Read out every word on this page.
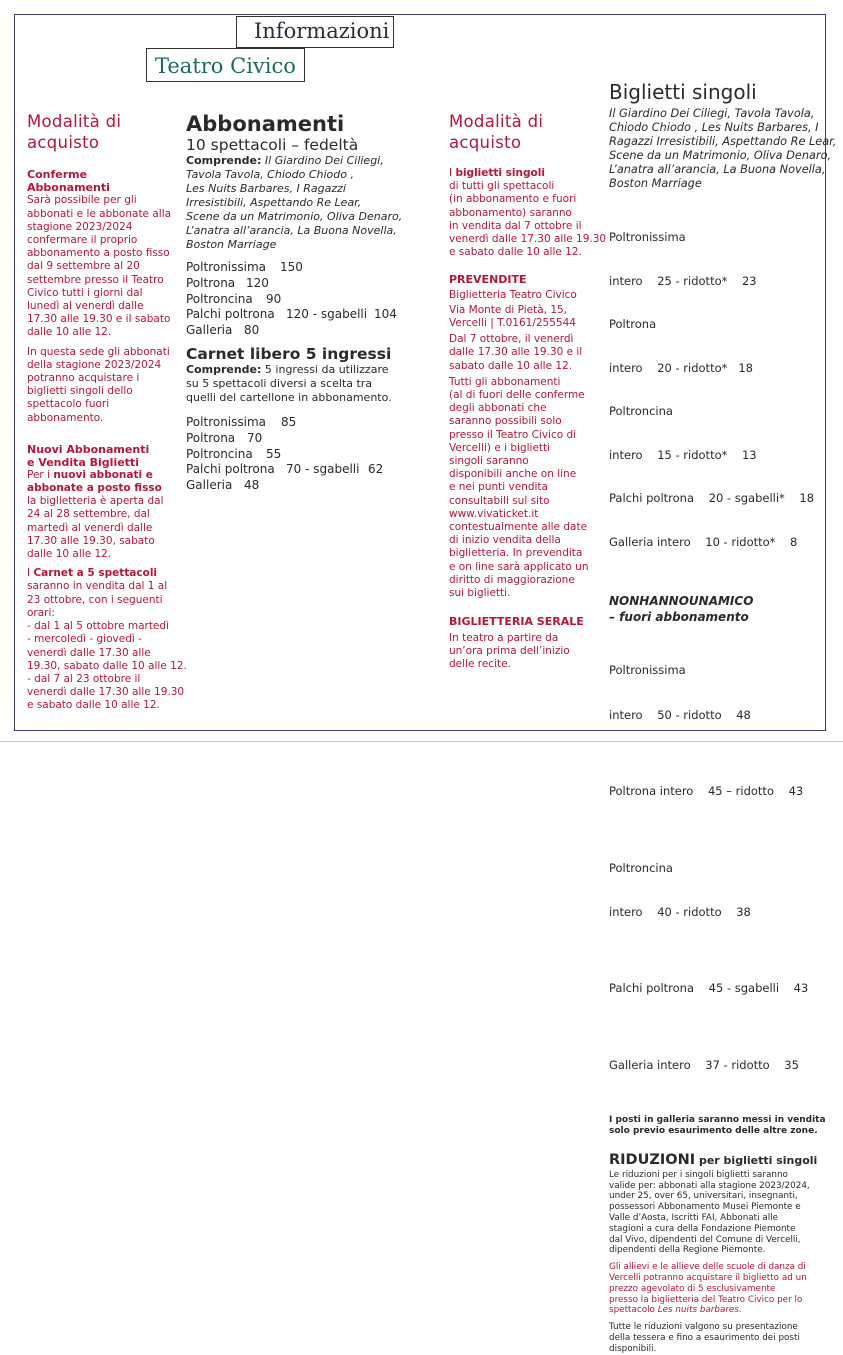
Informazioni
Teatro Civico
Modalità di
acquisto
Conferme Abbonamenti
Sarà possibile per gli abbonati e le abbonate alla stagione 2023/2024 confermare il proprio abbonamento a posto fisso dal 9 settembre al 20 settembre presso il Teatro Civico tutti i giorni dal lunedì al venerdì dalle 17.30 alle 19.30 e il sabato dalle 10 alle 12.
In questa sede gli abbonati della stagione 2023/2024 potranno acquistare i biglietti singoli dello spettacolo fuori abbonamento.
Nuovi Abbonamenti
e Vendita Biglietti
Per i nuovi abbonati e abbonate a posto fisso la biglietteria è aperta dal 24 al 28 settembre, dal martedì al venerdì dalle 17.30 alle 19.30, sabato dalle 10 alle 12.
I Carnet a 5 spettacoli saranno in vendita dal 1 al 23 ottobre, con i seguenti orari:
- dal 1 al 5 ottobre martedì
- mercoledì - giovedì -
venerdì dalle 17.30 alle
19.30, sabato dalle 10 alle 12.
- dal 7 al 23 ottobre il
venerdì dalle 17.30 alle 19.30
e sabato dalle 10 alle 12.
Abbonamenti
10 spettacoli – fedeltà
Comprende: Il Giardino Dei Ciliegi,
Tavola Tavola, Chiodo Chiodo ,
Les Nuits Barbares, I Ragazzi
Irresistibili, Aspettando Re Lear,
Scene da un Matrimonio, Oliva Denaro,
L’anatra all’arancia, La Buona Novella,
Boston Marriage
Poltronissima	150
Poltrona 120
Poltroncina	90
Palchi poltrona 120 - sgabelli 104
Galleria 80
Carnet libero 5 ingressi
Comprende: 5 ingressi da utilizzare
su 5 spettacoli diversi a scelta tra
quelli del cartellone in abbonamento.
Poltronissima	85
Poltrona 70
Poltroncina	55
Palchi poltrona 70 - sgabelli 62
Galleria 48
Modalità di
acquisto
I biglietti singoli
di tutti gli spettacoli
(in abbonamento e fuori
abbonamento) saranno
in vendita dal 7 ottobre il
venerdì dalle 17.30 alle 19.30
e sabato dalle 10 alle 12.
PREVENDITE
Biglietteria Teatro Civico
Via Monte di Pietà, 15,
Vercelli | T.0161/255544
Dal 7 ottobre, il venerdì
dalle 17.30 alle 19.30 e il
sabato dalle 10 alle 12.
Tutti gli abbonamenti
(al di fuori delle conferme
degli abbonati che
saranno possibili solo
presso il Teatro Civico di
Vercelli) e i biglietti
singoli saranno
disponibili anche on line
e nei punti vendita
consultabili sul sito
www.vivaticket.it
contestualmente alle date
di inizio vendita della
biglietteria. In prevendita
e on line sarà applicato un
diritto di maggiorazione
sui biglietti.
BIGLIETTERIA SERALE
In teatro a partire da
un’ora prima dell’inizio
delle recite.
Biglietti singoli
Il Giardino Dei Ciliegi, Tavola Tavola,
Chiodo Chiodo , Les Nuits Barbares, I
Ragazzi Irresistibili, Aspettando Re Lear,
Scene da un Matrimonio, Oliva Denaro,
L’anatra all’arancia, La Buona Novella,
Boston Marriage

Poltronissima

intero    25 - ridotto*    23

Poltrona

intero    20 - ridotto*   18

Poltroncina

intero    15 - ridotto*    13

Palchi poltrona    20 - sgabelli*    18

Galleria intero    10 - ridotto*    8

NONHANNOUNAMICO
– fuori abbonamento

Poltronissima

intero    50 - ridotto    48

Poltrona intero    45 – ridotto    43

Poltroncina

intero    40 - ridotto    38

Palchi poltrona    45 - sgabelli    43

Galleria intero    37 - ridotto    35

I posti in galleria saranno messi in vendita
solo previo esaurimento delle altre zone.
RIDUZIONI per biglietti singoli
Le riduzioni per i singoli biglietti saranno
valide per: abbonati alla stagione 2023/2024,
under 25, over 65, universitari, insegnanti,
possessori Abbonamento Musei Piemonte e
Valle d’Aosta, Iscritti FAI, Abbonati alle
stagioni a cura della Fondazione Piemonte
dal Vivo, dipendenti del Comune di Vercelli,
dipendenti della Regione Piemonte.
Gli allievi e le allieve delle scuole di danza di
Vercelli potranno acquistare il biglietto ad un
prezzo agevolato di 5 esclusivamente
presso la biglietteria del Teatro Civico per lo
spettacolo Les nuits barbares.
Tutte le riduzioni valgono su presentazione
della tessera e fino a esaurimento dei posti
disponibili.
